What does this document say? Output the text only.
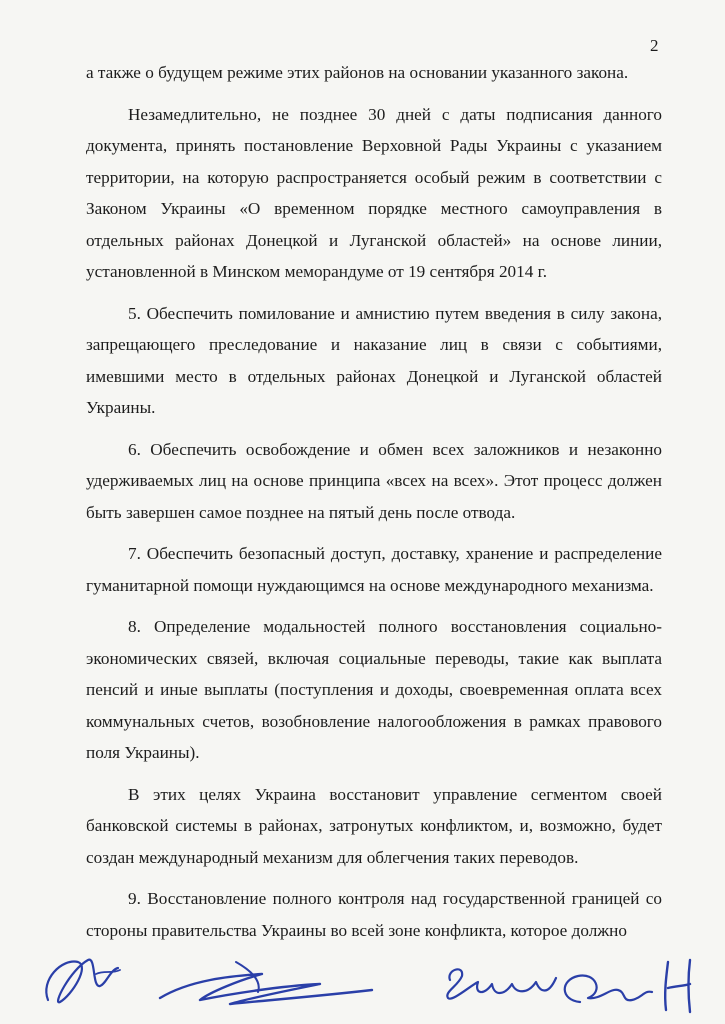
2

а также о будущем режиме этих районов на основании указанного закона.

Незамедлительно, не позднее 30 дней с даты подписания данного документа, принять постановление Верховной Рады Украины с указанием территории, на которую распространяется особый режим в соответствии с Законом Украины «О временном порядке местного самоуправления в отдельных районах Донецкой и Луганской областей» на основе линии, установленной в Минском меморандуме от 19 сентября 2014 г.

5. Обеспечить помилование и амнистию путем введения в силу закона, запрещающего преследование и наказание лиц в связи с событиями, имевшими место в отдельных районах Донецкой и Луганской областей Украины.

6. Обеспечить освобождение и обмен всех заложников и незаконно удерживаемых лиц на основе принципа «всех на всех». Этот процесс должен быть завершен самое позднее на пятый день после отвода.

7. Обеспечить безопасный доступ, доставку, хранение и распределение гуманитарной помощи нуждающимся на основе международного механизма.

8. Определение модальностей полного восстановления социально-экономических связей, включая социальные переводы, такие как выплата пенсий и иные выплаты (поступления и доходы, своевременная оплата всех коммунальных счетов, возобновление налогообложения в рамках правового поля Украины).

В этих целях Украина восстановит управление сегментом своей банковской системы в районах, затронутых конфликтом, и, возможно, будет создан международный механизм для облегчения таких переводов.

9. Восстановление полного контроля над государственной границей со стороны правительства Украины во всей зоне конфликта, которое должно
